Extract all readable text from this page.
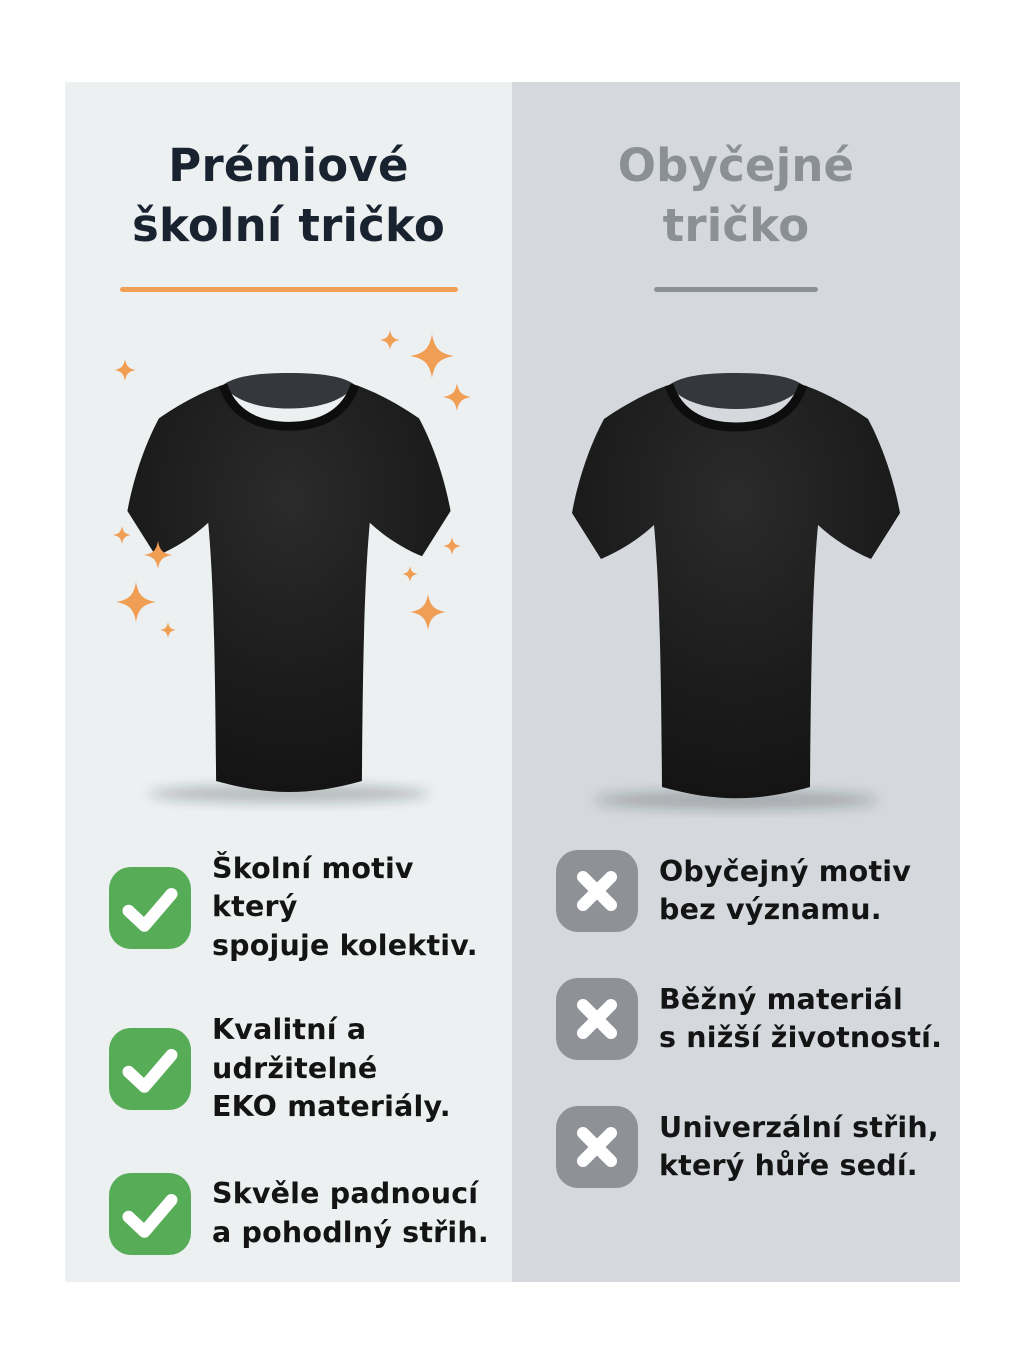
Prémiové
školní tričko
Školní motiv který
spojuje kolektiv.
Kvalitní a udržitelné
EKO materiály.
Skvěle padnoucí
a pohodlný střih.
Obyčejné
tričko
Obyčejný motiv
bez významu.
Běžný materiál
s nižší životností.
Univerzální střih,
který hůře sedí.
